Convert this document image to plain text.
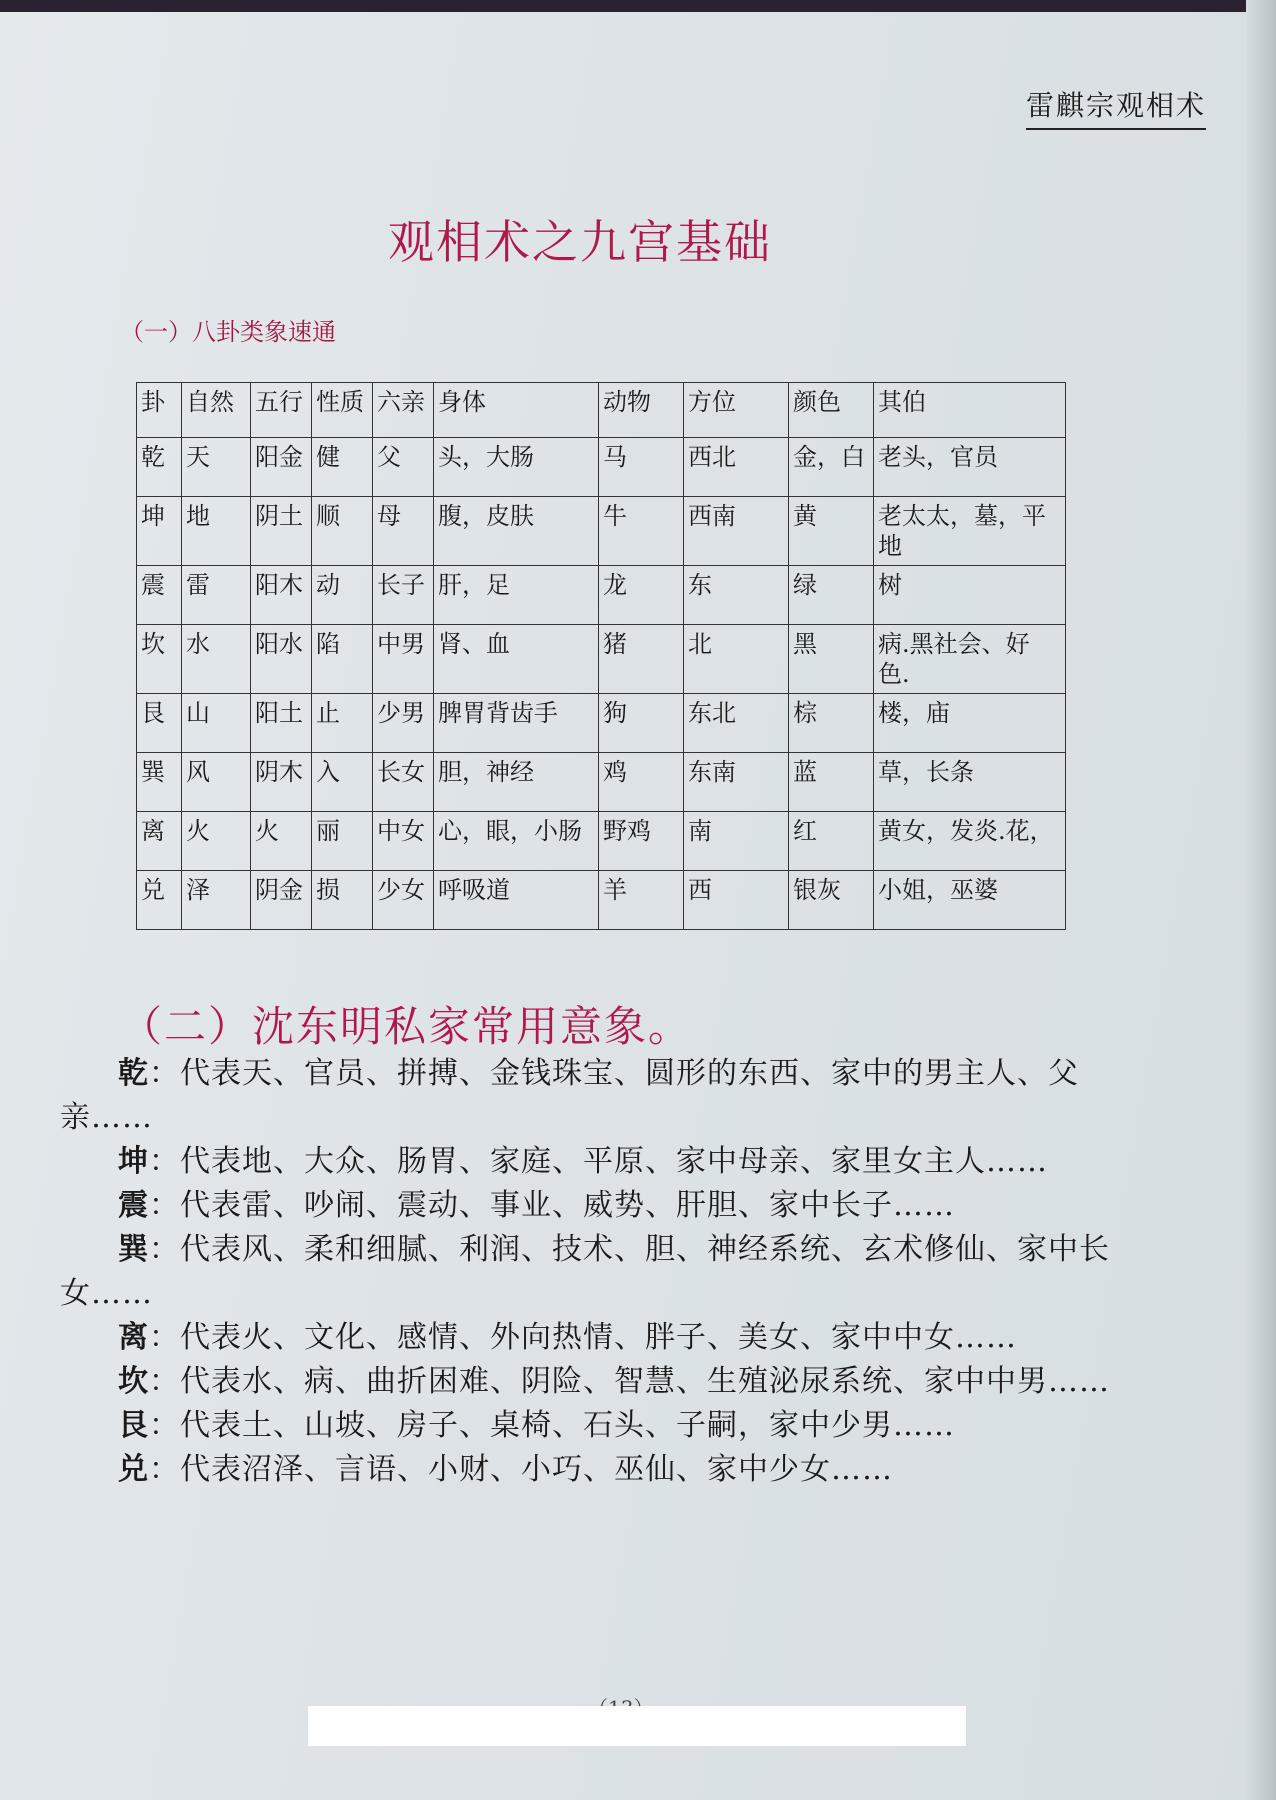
雷麒宗观相术
观相术之九宫基础
（一）八卦类象速通
卦	自然	五行	性质	六亲	身体	动物	方位	颜色	其伯
乾	天	阳金	健	父	头，大肠	马	西北	金，白	老头，官员
坤	地	阴土	顺	母	腹，皮肤	牛	西南	黄	老太太，墓，平地
震	雷	阳木	动	长子	肝，足	龙	东	绿	树
坎	水	阳水	陷	中男	肾、血	猪	北	黑	病.黑社会、好色.
艮	山	阳土	止	少男	脾胃背齿手	狗	东北	棕	楼，庙
巽	风	阴木	入	长女	胆，神经	鸡	东南	蓝	草，长条
离	火	火	丽	中女	心，眼，小肠	野鸡	南	红	黄女，发炎.花，
兑	泽	阴金	损	少女	呼吸道	羊	西	银灰	小姐，巫婆
（二）沈东明私家常用意象。
乾：代表天、官员、拼搏、金钱珠宝、圆形的东西、家中的男主人、父亲……
坤：代表地、大众、肠胃、家庭、平原、家中母亲、家里女主人……
震：代表雷、吵闹、震动、事业、威势、肝胆、家中长子……
巽：代表风、柔和细腻、利润、技术、胆、神经系统、玄术修仙、家中长女……
离：代表火、文化、感情、外向热情、胖子、美女、家中中女……
坎：代表水、病、曲折困难、阴险、智慧、生殖泌尿系统、家中中男……
艮：代表土、山坡、房子、桌椅、石头、子嗣，家中少男……
兑：代表沼泽、言语、小财、小巧、巫仙、家中少女……
